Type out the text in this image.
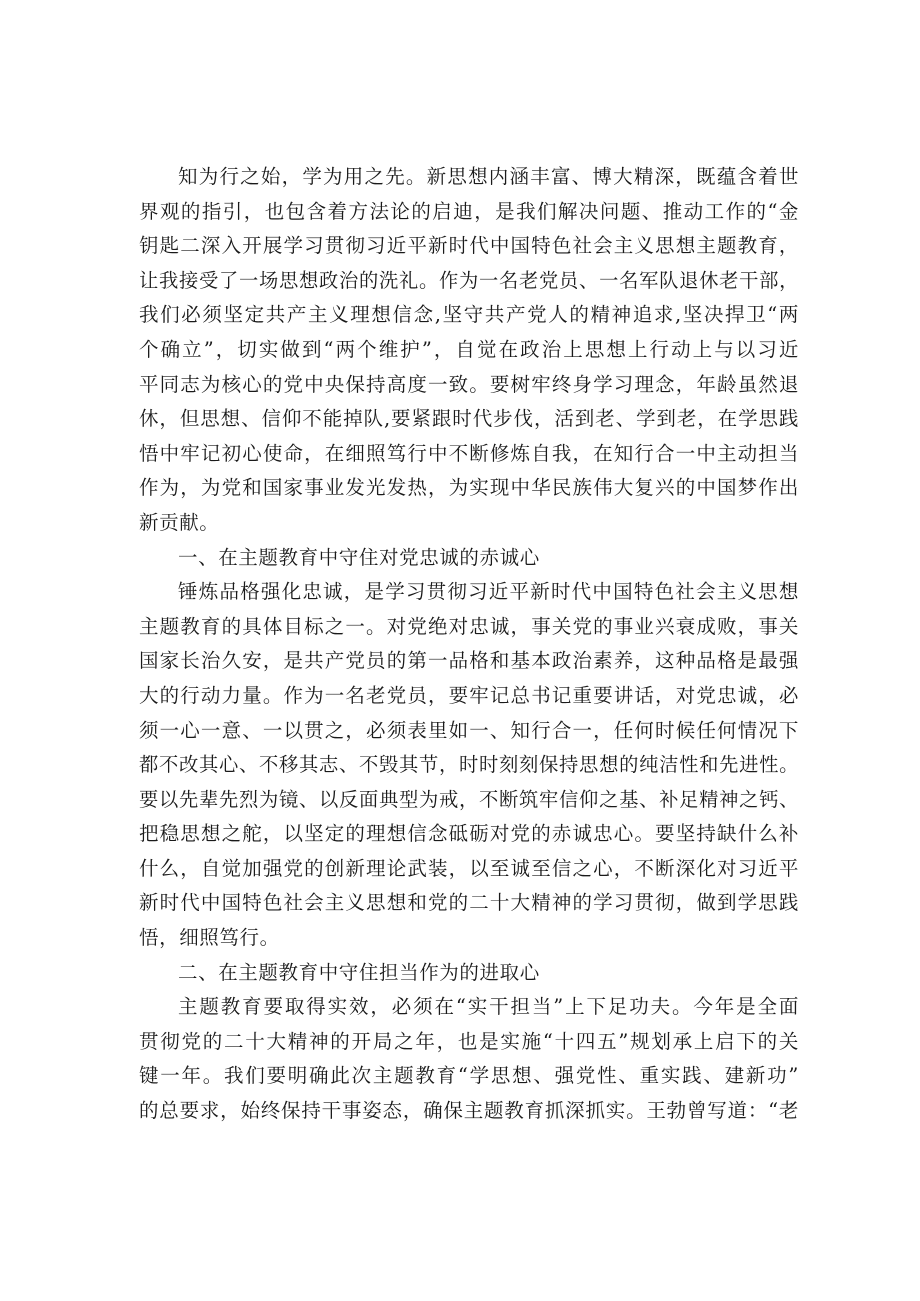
知为行之始，学为用之先。新思想内涵丰富、博大精深，既蕴含着世
界观的指引，也包含着方法论的启迪，是我们解决问题、推动工作的“金
钥匙二深入开展学习贯彻习近平新时代中国特色社会主义思想主题教育，
让我接受了一场思想政治的洗礼。作为一名老党员、一名军队退休老干部，
我们必须坚定共产主义理想信念,坚守共产党人的精神追求,坚决捍卫“两
个确立”，切实做到“两个维护”，自觉在政治上思想上行动上与以习近
平同志为核心的党中央保持高度一致。要树牢终身学习理念，年龄虽然退
休，但思想、信仰不能掉队,要紧跟时代步伐，活到老、学到老，在学思践
悟中牢记初心使命，在细照笃行中不断修炼自我，在知行合一中主动担当
作为，为党和国家事业发光发热，为实现中华民族伟大复兴的中国梦作出
新贡献。
一、在主题教育中守住对党忠诚的赤诚心
锤炼品格强化忠诚，是学习贯彻习近平新时代中国特色社会主义思想
主题教育的具体目标之一。对党绝对忠诚，事关党的事业兴衰成败，事关
国家长治久安，是共产党员的第一品格和基本政治素养，这种品格是最强
大的行动力量。作为一名老党员，要牢记总书记重要讲话，对党忠诚，必
须一心一意、一以贯之，必须表里如一、知行合一，任何时候任何情况下
都不改其心、不移其志、不毁其节，时时刻刻保持思想的纯洁性和先进性。
要以先辈先烈为镜、以反面典型为戒，不断筑牢信仰之基、补足精神之钙、
把稳思想之舵，以坚定的理想信念砥砺对党的赤诚忠心。要坚持缺什么补
什么，自觉加强党的创新理论武装，以至诚至信之心，不断深化对习近平
新时代中国特色社会主义思想和党的二十大精神的学习贯彻，做到学思践
悟，细照笃行。
二、在主题教育中守住担当作为的进取心
主题教育要取得实效，必须在“实干担当”上下足功夫。今年是全面
贯彻党的二十大精神的开局之年，也是实施“十四五”规划承上启下的关
键一年。我们要明确此次主题教育“学思想、强党性、重实践、建新功”
的总要求，始终保持干事姿态，确保主题教育抓深抓实。王勃曾写道：“老
